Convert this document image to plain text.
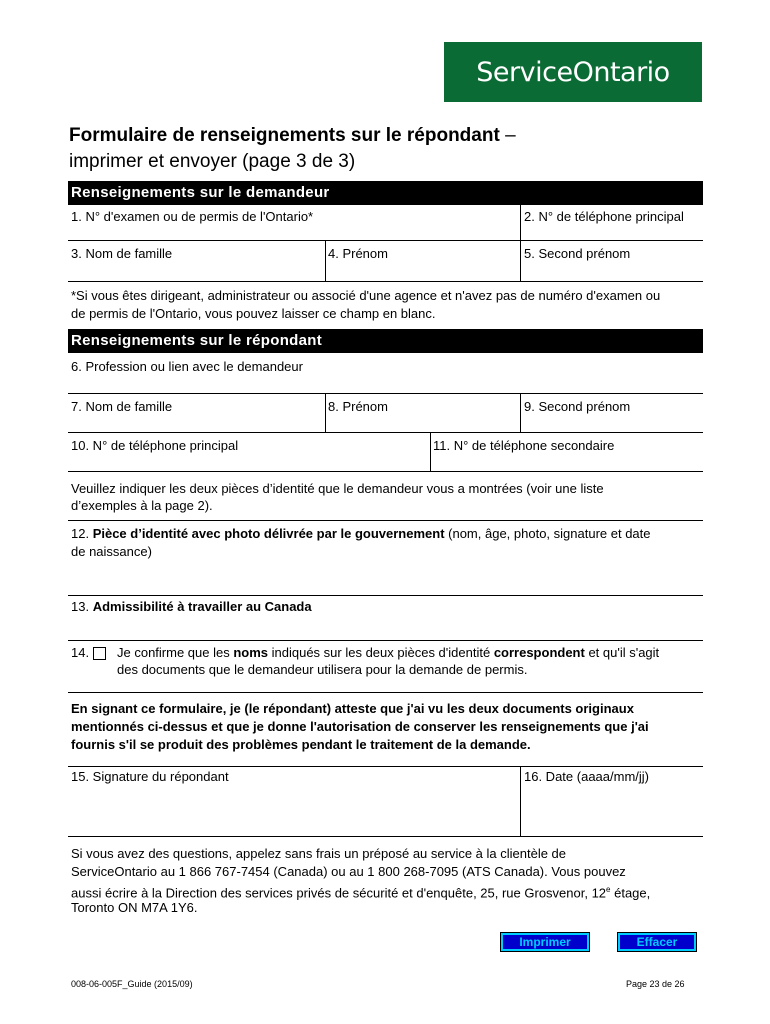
ServiceOntario
Formulaire de renseignements sur le répondant –
imprimer et envoyer (page 3 de 3)
Renseignements sur le demandeur
1. N° d'examen ou de permis de l'Ontario*	2. N° de téléphone principal
3. Nom de famille	4. Prénom	5. Second prénom
*Si vous êtes dirigeant, administrateur ou associé d'une agence et n'avez pas de numéro d'examen ou
de permis de l'Ontario, vous pouvez laisser ce champ en blanc.
Renseignements sur le répondant
6. Profession ou lien avec le demandeur
7. Nom de famille	8. Prénom	9. Second prénom
10. N° de téléphone principal	11. N° de téléphone secondaire
Veuillez indiquer les deux pièces d’identité que le demandeur vous a montrées (voir une liste
d’exemples à la page 2).
12. Pièce d’identité avec photo délivrée par le gouvernement (nom, âge, photo, signature et date
de naissance)
13. Admissibilité à travailler au Canada
14. Je confirme que les noms indiqués sur les deux pièces d'identité correspondent et qu'il s'agit
des documents que le demandeur utilisera pour la demande de permis.
En signant ce formulaire, je (le répondant) atteste que j'ai vu les deux documents originaux
mentionnés ci-dessus et que je donne l'autorisation de conserver les renseignements que j'ai
fournis s'il se produit des problèmes pendant le traitement de la demande.
15. Signature du répondant	16. Date (aaaa/mm/jj)
Si vous avez des questions, appelez sans frais un préposé au service à la clientèle de
ServiceOntario au 1 866 767-7454 (Canada) ou au 1 800 268-7095 (ATS Canada). Vous pouvez
aussi écrire à la Direction des services privés de sécurité et d'enquête, 25, rue Grosvenor, 12e étage,
Toronto ON M7A 1Y6.
Imprimer	Effacer
008-06-005F_Guide (2015/09)	Page 23 de 26
